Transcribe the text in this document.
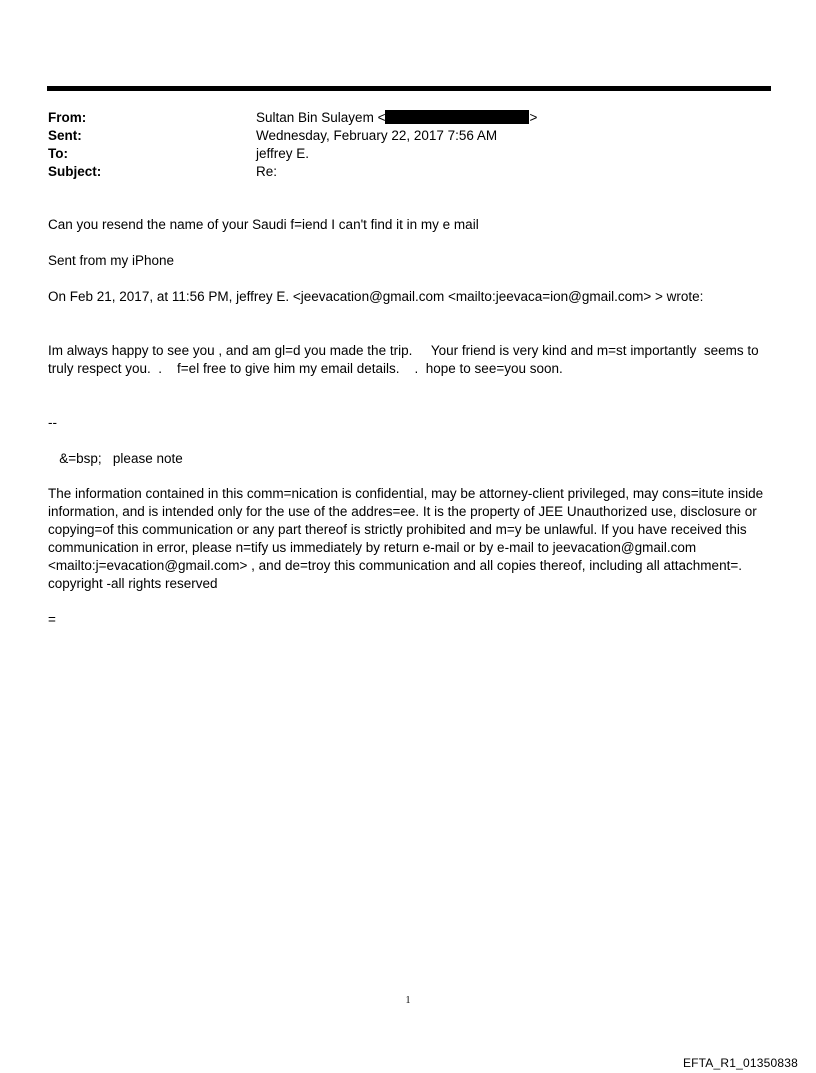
From:	Sultan Bin Sulayem <	>
Sent:	Wednesday, February 22, 2017 7:56 AM
To:	jeffrey E.
Subject:	Re:
Can you resend the name of your Saudi f=iend I can't find it in my e mail
Sent from my iPhone
On Feb 21, 2017, at 11:56 PM, jeffrey E. <jeevacation@gmail.com <mailto:jeevaca=ion@gmail.com> > wrote:
Im always happy to see you , and am gl=d you made the trip.     Your friend is very kind and m=st importantly  seems to truly respect you.  .    f=el free to give him my email details.    .  hope to see=you soon.
--
&=bsp;   please note
The information contained in this comm=nication is confidential, may be attorney-client privileged, may cons=itute inside information, and is intended only for the use of the addres=ee. It is the property of JEE Unauthorized use, disclosure or copying=of this communication or any part thereof is strictly prohibited and m=y be unlawful. If you have received this communication in error, please n=tify us immediately by return e-mail or by e-mail to jeevacation@gmail.com <mailto:j=evacation@gmail.com> , and de=troy this communication and all copies thereof, including all attachment=. copyright -all rights reserved
=
1
EFTA_R1_01350838
